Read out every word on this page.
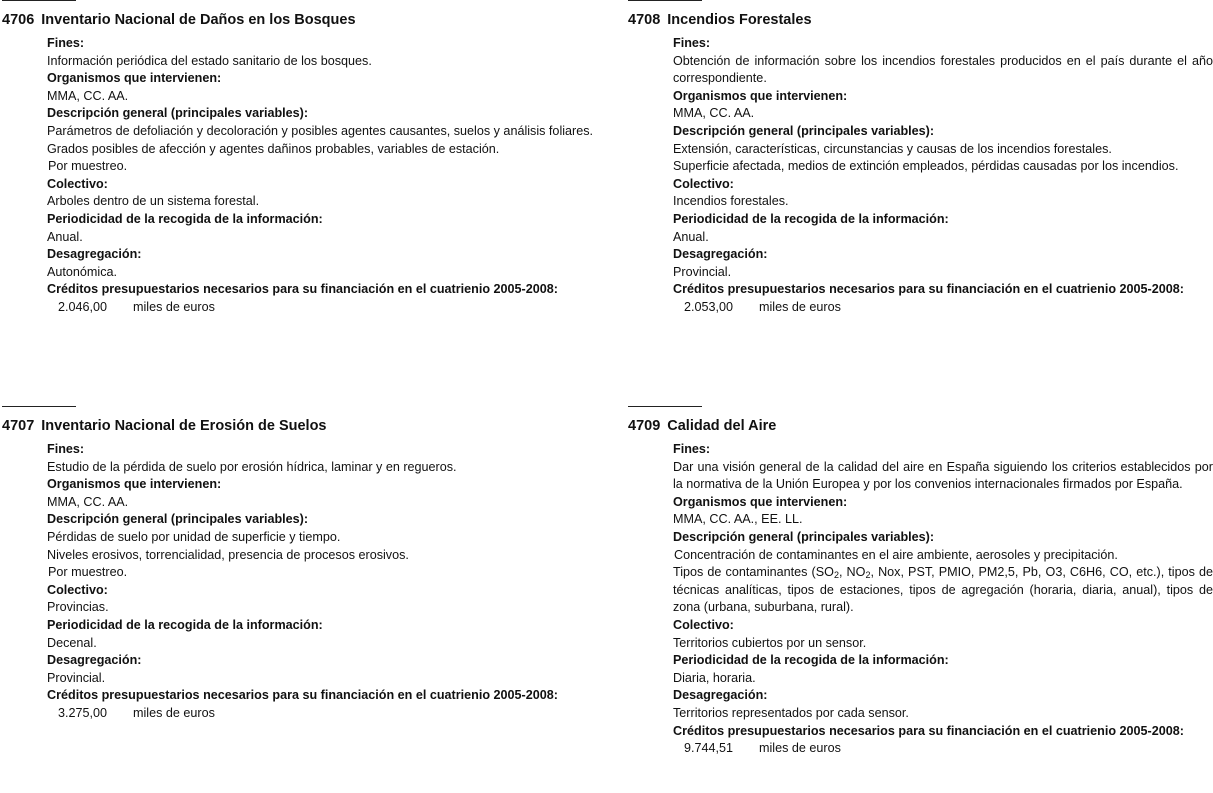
4706 Inventario Nacional de Daños en los Bosques
Fines:
Información periódica del estado sanitario de los bosques.
Organismos que intervienen:
MMA, CC. AA.
Descripción general (principales variables):
Parámetros de defoliación y decoloración y posibles agentes causantes, suelos y análisis foliares.
Grados posibles de afección y agentes dañinos probables, variables de estación.
Por muestreo.
Colectivo:
Arboles dentro de un sistema forestal.
Periodicidad de la recogida de la información:
Anual.
Desagregación:
Autonómica.
Créditos presupuestarios necesarios para su financiación en el cuatrienio 2005-2008:
2.046,00 miles de euros
4708 Incendios Forestales
Fines:
Obtención de información sobre los incendios forestales producidos en el país durante el año correspondiente.
Organismos que intervienen:
MMA, CC. AA.
Descripción general (principales variables):
Extensión, características, circunstancias y causas de los incendios forestales.
Superficie afectada, medios de extinción empleados, pérdidas causadas por los incendios.
Colectivo:
Incendios forestales.
Periodicidad de la recogida de la información:
Anual.
Desagregación:
Provincial.
Créditos presupuestarios necesarios para su financiación en el cuatrienio 2005-2008:
2.053,00 miles de euros
4707 Inventario Nacional de Erosión de Suelos
Fines:
Estudio de la pérdida de suelo por erosión hídrica, laminar y en regueros.
Organismos que intervienen:
MMA, CC. AA.
Descripción general (principales variables):
Pérdidas de suelo por unidad de superficie y tiempo.
Niveles erosivos, torrencialidad, presencia de procesos erosivos.
Por muestreo.
Colectivo:
Provincias.
Periodicidad de la recogida de la información:
Decenal.
Desagregación:
Provincial.
Créditos presupuestarios necesarios para su financiación en el cuatrienio 2005-2008:
3.275,00 miles de euros
4709 Calidad del Aire
Fines:
Dar una visión general de la calidad del aire en España siguiendo los criterios establecidos por la normativa de la Unión Europea y por los convenios internacionales firmados por España.
Organismos que intervienen:
MMA, CC. AA., EE. LL.
Descripción general (principales variables):
Concentración de contaminantes en el aire ambiente, aerosoles y precipitación.
Tipos de contaminantes ($SO_2$, $NO_2$, Nox, PST, PMIO, PM2,5, Pb, O3, C6H6, CO, etc.), tipos de técnicas analíticas, tipos de estaciones, tipos de agregación (horaria, diaria, anual), tipos de zona (urbana, suburbana, rural).
Colectivo:
Territorios cubiertos por un sensor.
Periodicidad de la recogida de la información:
Diaria, horaria.
Desagregación:
Territorios representados por cada sensor.
Créditos presupuestarios necesarios para su financiación en el cuatrienio 2005-2008:
9.744,51 miles de euros
